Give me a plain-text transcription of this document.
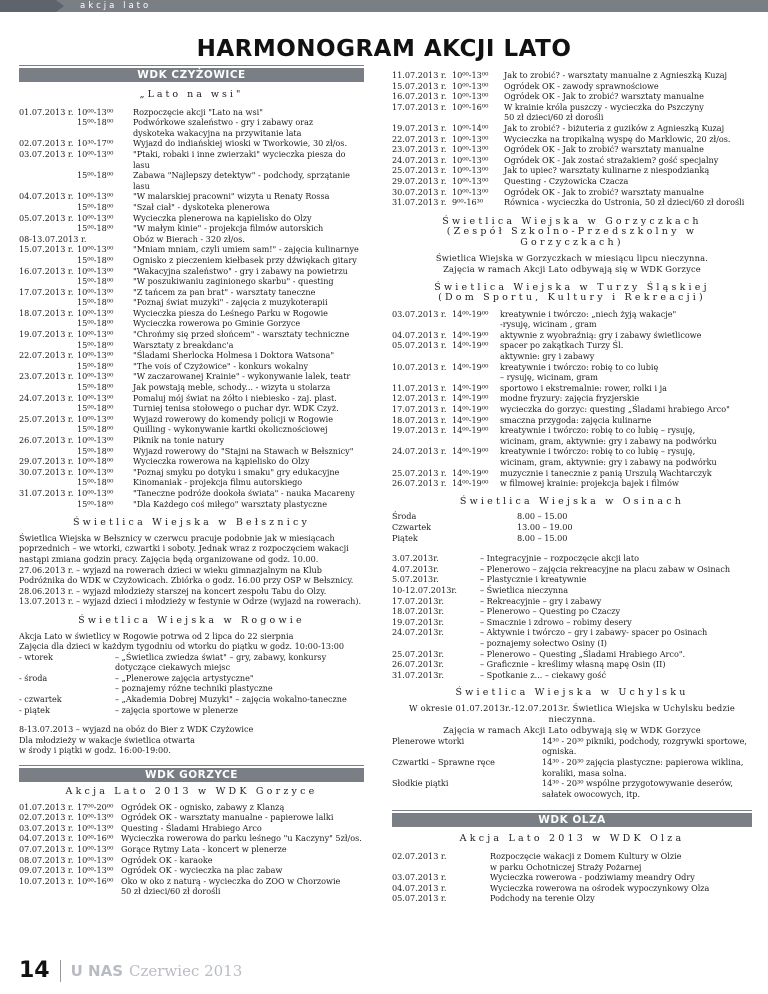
akcja lato
HARMONOGRAM AKCJI LATO
WDK CZYŻOWICE
„Lato na wsi"
01.07.2013 r. 10⁰⁰-13⁰⁰	Rozpoczęcie akcji "Lato na wsi"
15⁰⁰-18⁰⁰	Podwórkowe szaleństwo - gry i zabawy oraz
dyskoteka wakacyjna na przywitanie lata
02.07.2013 r. 10³⁰-17⁰⁰	Wyjazd do indiańskiej wioski w Tworkowie, 30 zł/os.
03.07.2013 r. 10⁰⁰-13⁰⁰	"Ptaki, robaki i inne zwierzaki" wycieczka piesza do lasu
15⁰⁰-18⁰⁰	Zabawa "Najlepszy detektyw" - podchody, sprzątanie lasu
04.07.2013 r. 10⁰⁰-13⁰⁰	"W malarskiej pracowni" wizyta u Renaty Rossa
15⁰⁰-18⁰⁰	"Szał ciał" - dyskoteka plenerowa
05.07.2013 r. 10⁰⁰-13⁰⁰	Wycieczka plenerowa na kąpielisko do Olzy
15⁰⁰-18⁰⁰	"W małym kinie" - projekcja filmów autorskich
08-13.07.2013 r.	Obóz w Bierach - 320 zł/os.
15.07.2013 r. 10⁰⁰-13⁰⁰	"Mniam mniam, czyli umiem sam!" - zajęcia kulinarnye
15⁰⁰-18⁰⁰	Ognisko z pieczeniem kiełbasek przy dźwiękach gitary
16.07.2013 r. 10⁰⁰-13⁰⁰	"Wakacyjna szaleństwo" - gry i zabawy na powietrzu
15⁰⁰-18⁰⁰	"W poszukiwaniu zaginionego skarbu" - questing
17.07.2013 r. 10⁰⁰-13⁰⁰	"Z tańcem za pan brat" - warsztaty taneczne
15⁰⁰-18⁰⁰	"Poznaj świat muzyki" - zajęcia z muzykoterapii
18.07.2013 r. 10⁰⁰-13⁰⁰	Wycieczka piesza do Leśnego Parku w Rogowie
15⁰⁰-18⁰⁰	Wycieczka rowerowa po Gminie Gorzyce
19.07.2013 r. 10⁰⁰-13⁰⁰	"Chrońmy się przed słońcem" - warsztaty techniczne
15⁰⁰-18⁰⁰	Warsztaty z breakdanc'a
22.07.2013 r. 10⁰⁰-13⁰⁰	"Śladami Sherlocka Holmesa i Doktora Watsona"
15⁰⁰-18⁰⁰	"The vois of Czyżowice" - konkurs wokalny
23.07.2013 r. 10⁰⁰-13⁰⁰	"W zaczarowanej Krainie" - wykonywanie lalek, teatr
15⁰⁰-18⁰⁰	Jak powstają meble, schody... - wizyta u stolarza
24.07.2013 r. 10⁰⁰-13⁰⁰	Pomaluj mój świat na żółto i niebiesko - zaj. plast.
15⁰⁰-18⁰⁰	Turniej tenisa stołowego o puchar dyr. WDK Czyż.
25.07.2013 r. 10⁰⁰-13⁰⁰	Wyjazd rowerowy do komendy policji w Rogowie
15⁰⁰-18⁰⁰	Quilling - wykonywanie kartki okolicznościowej
26.07.2013 r. 10⁰⁰-13⁰⁰	Piknik na tonie natury
15⁰⁰-18⁰⁰	Wyjazd rowerowy do "Stajni na Stawach w Bełsznicy"
29.07.2013 r. 10⁰⁰-18⁰⁰	Wycieczka rowerowa na kąpielisko do Olzy
30.07.2013 r. 10⁰⁰-13⁰⁰	"Poznaj smyku po dotyku i smaku" gry edukacyjne
15⁰⁰-18⁰⁰	Kinomaniak - projekcja filmu autorskiego
31.07.2013 r. 10⁰⁰-13⁰⁰	"Taneczne podróże dookoła świata" - nauka Macareny
15⁰⁰-18⁰⁰	"Dla Każdego coś miłego" warsztaty plastyczne
Świetlica Wiejska w Bełsznicy
Świetlica Wiejska w Bełsznicy w czerwcu pracuje podobnie jak w miesiącach poprzednich – we wtorki, czwartki i soboty. Jednak wraz z rozpoczęciem wakacji nastąpi zmiana godzin pracy. Zajęcia będą organizowane od godz. 10.00.
27.06.2013 r. – wyjazd na rowerach dzieci w wieku gimnazjalnym na Klub Podróżnika do WDK w Czyżowicach. Zbiórka o godz. 16.00 przy OSP w Bełsznicy.
28.06.2013 r. – wyjazd młodzieży starszej na koncert zespołu Tabu do Olzy.
13.07.2013 r. – wyjazd dzieci i młodzieży w festynie w Odrze (wyjazd na rowerach).
Świetlica Wiejska w Rogowie
Akcja Lato w świetlicy w Rogowie potrwa od 2 lipca do 22 sierpnia
Zajęcia dla dzieci w każdym tygodniu od wtorku do piątku w godz. 10:00-13:00
- wtorek	– „Świetlica zwiedza świat" – gry, zabawy, konkursy
dotyczące ciekawych miejsc
- środa	– „Plenerowe zajęcia artystyczne"
– poznajemy różne techniki plastyczne
- czwartek	– „Akademia Dobrej Muzyki" – zajęcia wokalno-taneczne
- piątek	– zajęcia sportowe w plenerze
8-13.07.2013 – wyjazd na obóz do Bier z WDK Czyżowice
Dla młodzieży w wakacje świetlica otwarta
w środy i piątki w godz. 16:00-19:00.
WDK GORZYCE
Akcja Lato 2013 w WDK Gorzyce
01.07.2013 r. 17⁰⁰-20⁰⁰ Ogródek OK - ognisko, zabawy z Klanzą
02.07.2013 r. 10⁰⁰-13⁰⁰ Ogródek OK - warsztaty manualne - papierowe lalki
03.07.2013 r. 10⁰⁰-13⁰⁰ Questing - Śladami Hrabiego Arco
04.07.2013 r. 10⁰⁰-16⁰⁰ Wycieczka rowerowa do parku leśnego "u Kaczyny" 5zł/os.
07.07.2013 r. 10⁰⁰-13⁰⁰ Gorące Rytmy Lata - koncert w plenerze
08.07.2013 r. 10⁰⁰-13⁰⁰ Ogródek OK - karaoke
09.07.2013 r. 10⁰⁰-13⁰⁰ Ogródek OK - wycieczka na plac zabaw
10.07.2013 r. 10⁰⁰-16⁰⁰ Oko w oko z naturą - wycieczka do ZOO w Chorzowie
50 zł dzieci/60 zł dorośli
11.07.2013 r. 10⁰⁰-13⁰⁰	Jak to zrobić? - warsztaty manualne z Agnieszką Kuzaj
15.07.2013 r. 10⁰⁰-13⁰⁰	Ogródek OK - zawody sprawnościowe
16.07.2013 r. 10⁰⁰-13⁰⁰	Ogródek OK - Jak to zrobić? warsztaty manualne
17.07.2013 r. 10⁰⁰-16⁰⁰	W krainie króla puszczy - wycieczka do Pszczyny
50 zł dzieci/60 zł dorośli
19.07.2013 r. 10⁰⁰-14⁰⁰	Jak to zrobić? - biżuteria z guzików z Agnieszką Kuzaj
22.07.2013 r. 10⁰⁰-13⁰⁰	Wycieczka na tropikalną wyspę do Marklowic, 20 zł/os.
23.07.2013 r. 10⁰⁰-13⁰⁰	Ogródek OK - Jak to zrobić? warsztaty manualne
24.07.2013 r. 10⁰⁰-13⁰⁰	Ogródek OK - Jak zostać strażakiem? gość specjalny
25.07.2013 r. 10⁰⁰-13⁰⁰	Jak to upiec? warsztaty kulinarne z niespodzianką
29.07.2013 r. 10⁰⁰-13⁰⁰	Questing - Czyżowicka Czacza
30.07.2013 r. 10⁰⁰-13⁰⁰	Ogródek OK - Jak to zrobić? warsztaty manualne
31.07.2013 r. 9⁰⁰-16³⁰	Równica - wycieczka do Ustronia, 50 zł dzieci/60 zł dorośli
Świetlica Wiejska w Gorzyczkach
(Zespół Szkolno-Przedszkolny w Gorzyczkach)
Świetlica Wiejska w Gorzyczkach w miesiącu lipcu nieczynna.
Zajęcia w ramach Akcji Lato odbywają się w WDK Gorzyce
Świetlica Wiejska w Turzy Śląskiej
(Dom Sportu, Kultury i Rekreacji)
03.07.2013 r. 14⁰⁰-19⁰⁰	kreatywnie i twórczo: „niech żyją wakacje"
-rysuję, wicinam , gram
04.07.2013 r. 14⁰⁰-19⁰⁰	aktywnie z wyobraźnią: gry i zabawy świetlicowe
05.07.2013 r. 14⁰⁰-19⁰⁰	spacer po zakątkach Turzy Śl.
aktywnie: gry i zabawy
10.07.2013 r. 14⁰⁰-19⁰⁰	kreatywnie i twórczo: robię to co lubię
– rysuję, wicinam, gram
11.07.2013 r. 14⁰⁰-19⁰⁰	sportowo i ekstremalnie: rower, rolki i ja
12.07.2013 r. 14⁰⁰-19⁰⁰	modne fryzury: zajęcia fryzjerskie
17.07.2013 r. 14⁰⁰-19⁰⁰	wycieczka do gorzyc: questing „Śladami hrabiego Arco"
18.07.2013 r. 14⁰⁰-19⁰⁰	smaczna przygoda: zajęcia kulinarne
19.07.2013 r. 14⁰⁰-19⁰⁰	kreatywnie i twórczo: robię to co lubię – rysuję,
wicinam, gram, aktywnie: gry i zabawy na podwórku
24.07.2013 r. 14⁰⁰-19⁰⁰	kreatywnie i twórczo: robię to co lubię – rysuję,
wicinam, gram, aktywnie: gry i zabawy na podwórku
25.07.2013 r. 14⁰⁰-19⁰⁰	muzycznie i tanecznie z panią Urszulą Wachtarczyk
26.07.2013 r. 14⁰⁰-19⁰⁰	w filmowej krainie: projekcja bajek i filmów
Świetlica Wiejska w Osinach
Środa	8.00 – 15.00
Czwartek	13.00 – 19.00
Piątek	8.00 – 15.00
3.07.2013r.	– Integracyjnie – rozpoczęcie akcji lato
4.07.2013r.	– Plenerowo – zajęcia rekreacyjne na placu zabaw w Osinach
5.07.2013r.	– Plastycznie i kreatywnie
10-12.07.2013r.	– Świetlica nieczynna
17.07.2013r.	– Rekreacyjnie – gry i zabawy
18.07.2013r.	– Plenerowo – Questing po Czaczy
19.07.2013r.	– Smacznie i zdrowo – robimy desery
24.07.2013r.	– Aktywnie i twórczo – gry i zabawy- spacer po Osinach
– poznajemy sołectwo Osiny (I)
25.07.2013r.	– Plenerowo – Questing „Śladami Hrabiego Arco".
26.07.2013r.	– Graficznie – kreślimy własną mapę Osin (II)
31.07.2013r.	– Spotkanie z... – ciekawy gość
Świetlica Wiejska w Uchylsku
W okresie 01.07.2013r.-12.07.2013r. Świetlica Wiejska w Uchylsku bedzie nieczynna.
Zajęcia w ramach Akcji Lato odbywają się w WDK Gorzyce
Plenerowe wtorki	14³⁰ - 20³⁰ pikniki, podchody, rozgrywki sportowe,
ogniska.
Czwartki – Sprawne ręce	14³⁰ - 20³⁰ zajęcia plastyczne: papierowa wiklina,
koraliki, masa solna.
Słodkie piątki	14³⁰ - 20³⁰ wspólne przygotowywanie deserów,
sałatek owocowych, itp.
WDK OLZA
Akcja Lato 2013 w WDK Olza
02.07.2013 r.	Rozpoczęcie wakacji z Domem Kultury w Olzie
w parku Ochotniczej Straży Pożarnej
03.07.2013 r.	Wycieczka rowerowa - podziwiamy meandry Odry
04.07.2013 r.	Wycieczka rowerowa na ośrodek wypoczynkowy Olza
05.07.2013 r.	Podchody na terenie Olzy
14 U NAS Czerwiec 2013
